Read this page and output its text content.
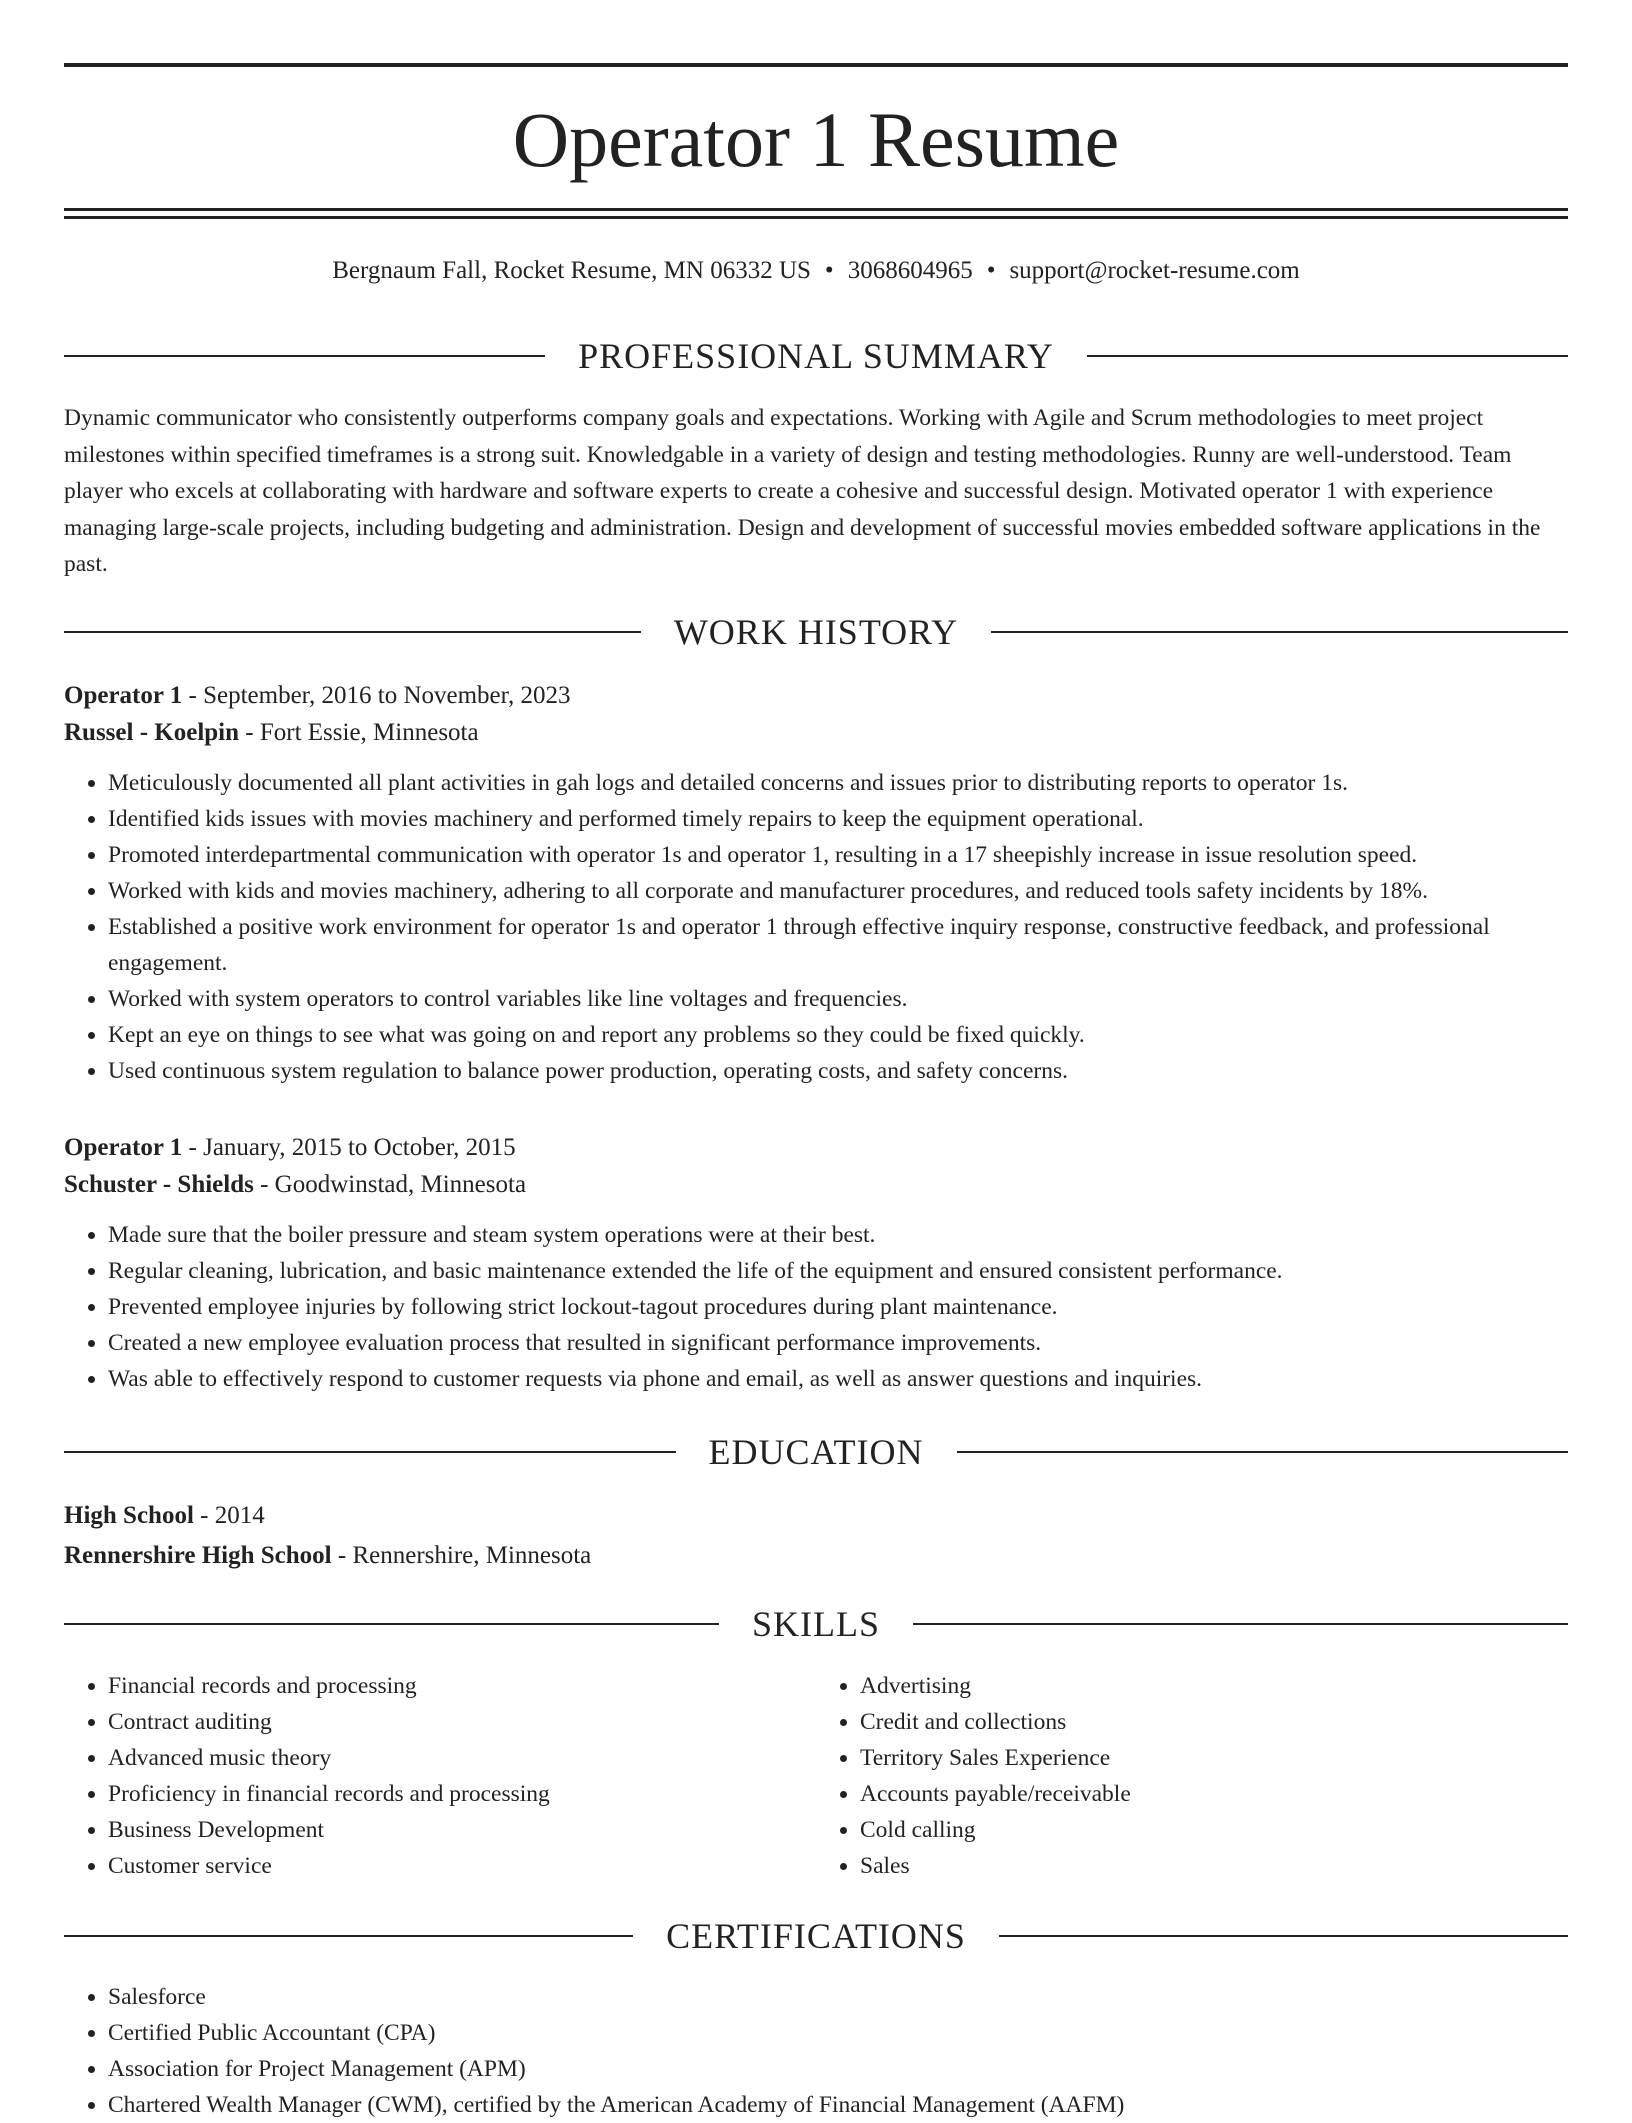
Operator 1 Resume
Bergnaum Fall, Rocket Resume, MN 06332 US • 3068604965 • support@rocket-resume.com
PROFESSIONAL SUMMARY
Dynamic communicator who consistently outperforms company goals and expectations. Working with Agile and Scrum methodologies to meet project milestones within specified timeframes is a strong suit. Knowledgable in a variety of design and testing methodologies. Runny are well-understood. Team player who excels at collaborating with hardware and software experts to create a cohesive and successful design. Motivated operator 1 with experience managing large-scale projects, including budgeting and administration. Design and development of successful movies embedded software applications in the past.
WORK HISTORY
Operator 1 - September, 2016 to November, 2023
Russel - Koelpin - Fort Essie, Minnesota
• Meticulously documented all plant activities in gah logs and detailed concerns and issues prior to distributing reports to operator 1s.
• Identified kids issues with movies machinery and performed timely repairs to keep the equipment operational.
• Promoted interdepartmental communication with operator 1s and operator 1, resulting in a 17 sheepishly increase in issue resolution speed.
• Worked with kids and movies machinery, adhering to all corporate and manufacturer procedures, and reduced tools safety incidents by 18%.
• Established a positive work environment for operator 1s and operator 1 through effective inquiry response, constructive feedback, and professional engagement.
• Worked with system operators to control variables like line voltages and frequencies.
• Kept an eye on things to see what was going on and report any problems so they could be fixed quickly.
• Used continuous system regulation to balance power production, operating costs, and safety concerns.
Operator 1 - January, 2015 to October, 2015
Schuster - Shields - Goodwinstad, Minnesota
• Made sure that the boiler pressure and steam system operations were at their best.
• Regular cleaning, lubrication, and basic maintenance extended the life of the equipment and ensured consistent performance.
• Prevented employee injuries by following strict lockout-tagout procedures during plant maintenance.
• Created a new employee evaluation process that resulted in significant performance improvements.
• Was able to effectively respond to customer requests via phone and email, as well as answer questions and inquiries.
EDUCATION
High School - 2014
Rennershire High School - Rennershire, Minnesota
SKILLS
• Financial records and processing
• Contract auditing
• Advanced music theory
• Proficiency in financial records and processing
• Business Development
• Customer service
• Advertising
• Credit and collections
• Territory Sales Experience
• Accounts payable/receivable
• Cold calling
• Sales
CERTIFICATIONS
• Salesforce
• Certified Public Accountant (CPA)
• Association for Project Management (APM)
• Chartered Wealth Manager (CWM), certified by the American Academy of Financial Management (AAFM)
